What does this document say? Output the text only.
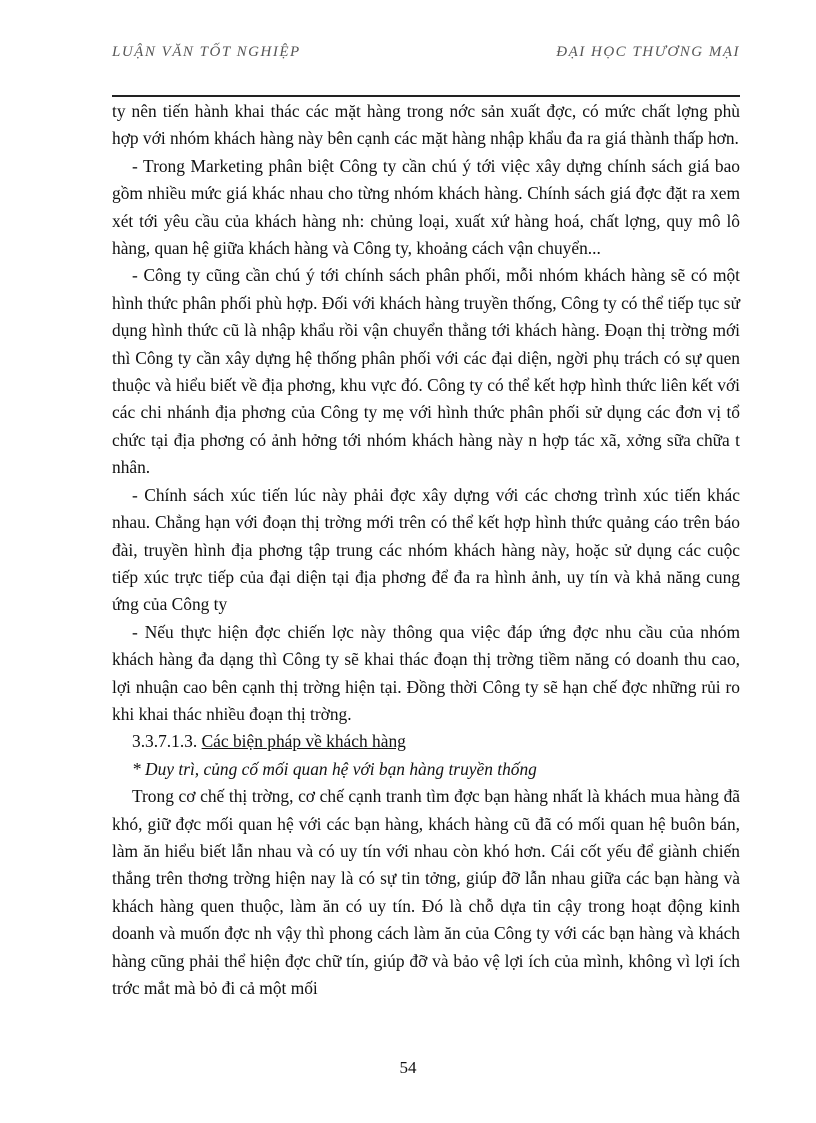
LUẬN VĂN TỐT NGHIỆP	ĐẠI HỌC THƯƠNG MẠI

ty nên tiến hành khai thác các mặt hàng trong nớc sản xuất đợc, có mức chất lợng phù hợp với nhóm khách hàng này bên cạnh các mặt hàng nhập khẩu đa ra giá thành thấp hơn.

- Trong Marketing phân biệt Công ty cần chú ý tới việc xây dựng chính sách giá bao gồm nhiều mức giá khác nhau cho từng nhóm khách hàng. Chính sách giá đợc đặt ra xem xét tới yêu cầu của khách hàng nh: chủng loại, xuất xứ hàng hoá, chất lợng, quy mô lô hàng, quan hệ giữa khách hàng và Công ty, khoảng cách vận chuyển...

- Công ty cũng cần chú ý tới chính sách phân phối, mỗi nhóm khách hàng sẽ có một hình thức phân phối phù hợp. Đối với khách hàng truyền thống, Công ty có thể tiếp tục sử dụng hình thức cũ là nhập khẩu rồi vận chuyển thẳng tới khách hàng. Đoạn thị trờng mới thì Công ty cần xây dựng hệ thống phân phối với các đại diện, ngời phụ trách có sự quen thuộc và hiểu biết về địa phơng, khu vực đó. Công ty có thể kết hợp hình thức liên kết với các chi nhánh địa phơng của Công ty mẹ với hình thức phân phối sử dụng các đơn vị tổ chức tại địa phơng có ảnh hởng tới nhóm khách hàng này n hợp tác xã, xởng sữa chữa t nhân.

- Chính sách xúc tiến lúc này phải đợc xây dựng với các chơng trình xúc tiến khác nhau. Chẳng hạn với đoạn thị trờng mới trên có thể kết hợp hình thức quảng cáo trên báo đài, truyền hình địa phơng tập trung các nhóm khách hàng này, hoặc sử dụng các cuộc tiếp xúc trực tiếp của đại diện tại địa phơng để đa ra hình ảnh, uy tín và khả năng cung ứng của Công ty

- Nếu thực hiện đợc chiến lợc này thông qua việc đáp ứng đợc nhu cầu của nhóm khách hàng đa dạng thì Công ty sẽ khai thác đoạn thị trờng tiềm năng có doanh thu cao, lợi nhuận cao bên cạnh thị trờng hiện tại. Đồng thời Công ty sẽ hạn chế đợc những rủi ro khi khai thác nhiều đoạn thị trờng.

3.3.7.1.3. Các biện pháp về khách hàng

* Duy trì, củng cố mối quan hệ với bạn hàng truyền thống

Trong cơ chế thị trờng, cơ chế cạnh tranh tìm đợc bạn hàng nhất là khách mua hàng đã khó, giữ đợc mối quan hệ với các bạn hàng, khách hàng cũ đã có mối quan hệ buôn bán, làm ăn hiểu biết lẫn nhau và có uy tín với nhau còn khó hơn. Cái cốt yếu để giành chiến thắng trên thơng trờng hiện nay là có sự tin tởng, giúp đỡ lẫn nhau giữa các bạn hàng và khách hàng quen thuộc, làm ăn có uy tín. Đó là chỗ dựa tin cậy trong hoạt động kinh doanh và muốn đợc nh vậy thì phong cách làm ăn của Công ty với các bạn hàng và khách hàng cũng phải thể hiện đợc chữ tín, giúp đỡ và bảo vệ lợi ích của mình, không vì lợi ích trớc mắt mà bỏ đi cả một mối

54
